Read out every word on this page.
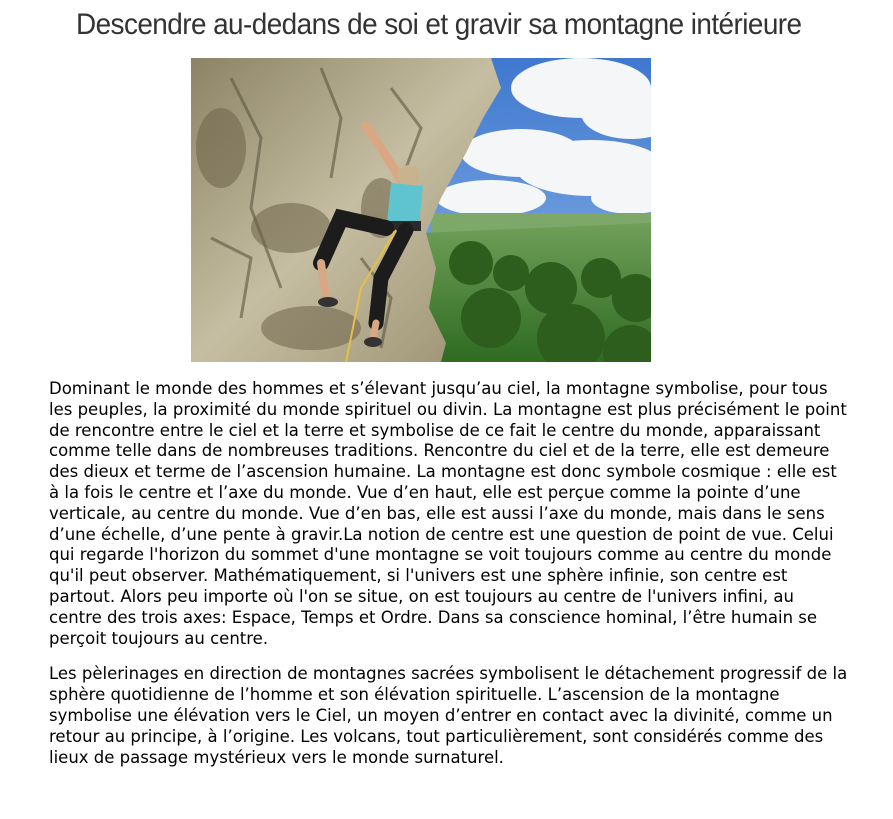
Descendre au-dedans de soi et gravir sa montagne intérieure

Dominant le monde des hommes et s’élevant jusqu’au ciel, la montagne symbolise, pour tous les peuples, la proximité du monde spirituel ou divin. La montagne est plus précisément le point de rencontre entre le ciel et la terre et symbolise de ce fait le centre du monde, apparaissant comme telle dans de nombreuses traditions. Rencontre du ciel et de la terre, elle est demeure des dieux et terme de l’ascension humaine. La montagne est donc symbole cosmique : elle est à la fois le centre et l’axe du monde. Vue d’en haut, elle est perçue comme la pointe d’une verticale, au centre du monde. Vue d’en bas, elle est aussi l’axe du monde, mais dans le sens d’une échelle, d’une pente à gravir.La notion de centre est une question de point de vue. Celui qui regarde l'horizon du sommet d'une montagne se voit toujours comme au centre du monde qu'il peut observer. Mathématiquement, si l'univers est une sphère infinie, son centre est partout. Alors peu importe où l'on se situe, on est toujours au centre de l'univers infini, au centre des trois axes: Espace, Temps et Ordre. Dans sa conscience hominal, l’être humain se perçoit toujours au centre.

Les pèlerinages en direction de montagnes sacrées symbolisent le détachement progressif de la sphère quotidienne de l’homme et son élévation spirituelle. L’ascension de la montagne symbolise une élévation vers le Ciel, un moyen d’entrer en contact avec la divinité, comme un retour au principe, à l’origine. Les volcans, tout particulièrement, sont considérés comme des lieux de passage mystérieux vers le monde surnaturel.
